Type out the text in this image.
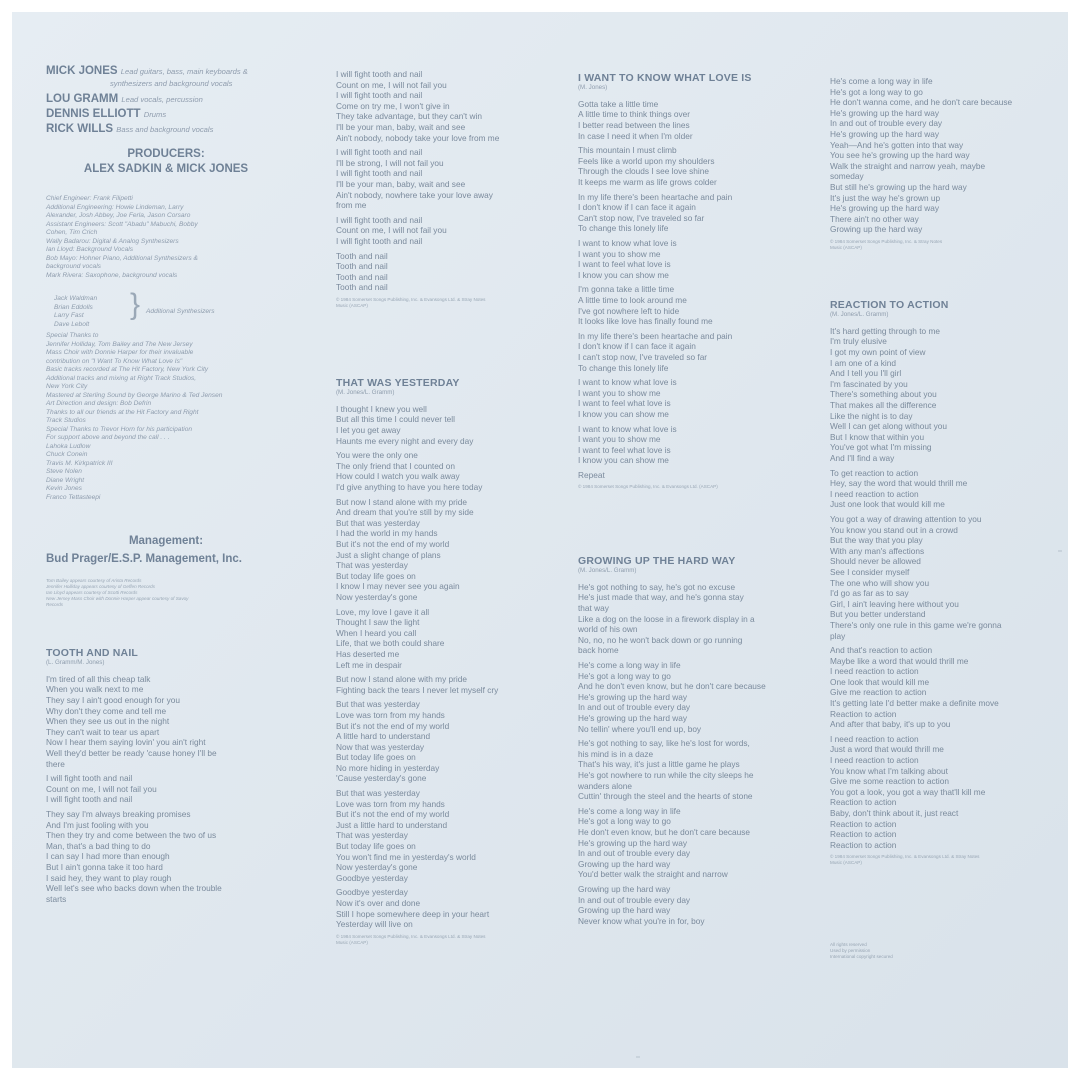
MICK JONES Lead guitars, bass, main keyboards &
synthesizers and background vocals
LOU GRAMM Lead vocals, percussion
DENNIS ELLIOTT Drums
RICK WILLS Bass and background vocals
PRODUCERS:
ALEX SADKIN & MICK JONES
Chief Engineer: Frank Filipetti
Additional Engineering: Howie Lindeman, Larry
Alexander, Josh Abbey, Joe Ferla, Jason Corsaro
Assistant Engineers: Scott "Abadu" Mabuchi, Bobby
Cohen, Tim Crich
Wally Badarou: Digital & Analog Synthesizers
Ian Lloyd: Background Vocals
Bob Mayo: Hohner Piano, Additional Synthesizers &
background vocals
Mark Rivera: Saxophone, background vocals
Jack Waldman
Brian Eddolls
Larry Fast
Dave Lebolt
} Additional Synthesizers
Special Thanks to
Jennifer Holliday, Tom Bailey and The New Jersey
Mass Choir with Donnie Harper for their invaluable
contribution on "I Want To Know What Love Is"
Basic tracks recorded at The Hit Factory, New York City
Additional tracks and mixing at Right Track Studios,
New York City
Mastered at Sterling Sound by George Marino & Ted Jensen
Art Direction and design: Bob Defrin
Thanks to all our friends at the Hit Factory and Right
Track Studios
Special Thanks to Trevor Horn for his participation
For support above and beyond the call . . .
Lahoka Ludlow
Chuck Conein
Travis M. Kirkpatrick III
Steve Nolen
Diane Wright
Kevin Jones
Franco Tettasteepi
Management:
Bud Prager/E.S.P. Management, Inc.
Tom Bailey appears courtesy of Arista Records
Jennifer Holliday appears courtesy of Geffen Records
Ian Lloyd appears courtesy of Scotti Records
New Jersey Mass Choir with Donnie Harper appear courtesy of Savoy
Records
TOOTH AND NAIL
(L. Gramm/M. Jones)
I'm tired of all this cheap talk
When you walk next to me
They say I ain't good enough for you
Why don't they come and tell me
When they see us out in the night
They can't wait to tear us apart
Now I hear them saying lovin' you ain't right
Well they'd better be ready 'cause honey I'll be
there
I will fight tooth and nail
Count on me, I will not fail you
I will fight tooth and nail
They say I'm always breaking promises
And I'm just fooling with you
Then they try and come between the two of us
Man, that's a bad thing to do
I can say I had more than enough
But I ain't gonna take it too hard
I said hey, they want to play rough
Well let's see who backs down when the trouble
starts
I will fight tooth and nail
Count on me, I will not fail you
I will fight tooth and nail
Come on try me, I won't give in
They take advantage, but they can't win
I'll be your man, baby, wait and see
Ain't nobody, nobody take your love from me
I will fight tooth and nail
I'll be strong, I will not fail you
I will fight tooth and nail
I'll be your man, baby, wait and see
Ain't nobody, nowhere take your love away
from me
I will fight tooth and nail
Count on me, I will not fail you
I will fight tooth and nail
Tooth and nail
Tooth and nail
Tooth and nail
Tooth and nail
© 1984 Somerset Songs Publishing, Inc. & Evansongs Ltd. & Stray Notes
Music (ASCAP)
THAT WAS YESTERDAY
(M. Jones/L. Gramm)
I thought I knew you well
But all this time I could never tell
I let you get away
Haunts me every night and every day
You were the only one
The only friend that I counted on
How could I watch you walk away
I'd give anything to have you here today
But now I stand alone with my pride
And dream that you're still by my side
But that was yesterday
I had the world in my hands
But it's not the end of my world
Just a slight change of plans
That was yesterday
But today life goes on
I know I may never see you again
Now yesterday's gone
Love, my love I gave it all
Thought I saw the light
When I heard you call
Life, that we both could share
Has deserted me
Left me in despair
But now I stand alone with my pride
Fighting back the tears I never let myself cry
But that was yesterday
Love was torn from my hands
But it's not the end of my world
A little hard to understand
Now that was yesterday
But today life goes on
No more hiding in yesterday
'Cause yesterday's gone
But that was yesterday
Love was torn from my hands
But it's not the end of my world
Just a little hard to understand
That was yesterday
But today life goes on
You won't find me in yesterday's world
Now yesterday's gone
Goodbye yesterday
Goodbye yesterday
Now it's over and done
Still I hope somewhere deep in your heart
Yesterday will live on
© 1984 Somerset Songs Publishing, Inc. & Evansongs Ltd. & Stray Notes
Music (ASCAP)
I WANT TO KNOW WHAT LOVE IS
(M. Jones)
Gotta take a little time
A little time to think things over
I better read between the lines
In case I need it when I'm older
This mountain I must climb
Feels like a world upon my shoulders
Through the clouds I see love shine
It keeps me warm as life grows colder
In my life there's been heartache and pain
I don't know if I can face it again
Can't stop now, I've traveled so far
To change this lonely life
I want to know what love is
I want you to show me
I want to feel what love is
I know you can show me
I'm gonna take a little time
A little time to look around me
I've got nowhere left to hide
It looks like love has finally found me
In my life there's been heartache and pain
I don't know if I can face it again
I can't stop now, I've traveled so far
To change this lonely life
I want to know what love is
I want you to show me
I want to feel what love is
I know you can show me
I want to know what love is
I want you to show me
I want to feel what love is
I know you can show me
Repeat
© 1984 Somerset Songs Publishing, Inc. & Evansongs Ltd. (ASCAP)
GROWING UP THE HARD WAY
(M. Jones/L. Gramm)
He's got nothing to say, he's got no excuse
He's just made that way, and he's gonna stay
that way
Like a dog on the loose in a firework display in a
world of his own
No, no, no he won't back down or go running
back home
He's come a long way in life
He's got a long way to go
And he don't even know, but he don't care because
He's growing up the hard way
In and out of trouble every day
He's growing up the hard way
No tellin' where you'll end up, boy
He's got nothing to say, like he's lost for words,
his mind is in a daze
That's his way, it's just a little game he plays
He's got nowhere to run while the city sleeps he
wanders alone
Cuttin' through the steel and the hearts of stone
He's come a long way in life
He's got a long way to go
He don't even know, but he don't care because
He's growing up the hard way
In and out of trouble every day
Growing up the hard way
You'd better walk the straight and narrow
Growing up the hard way
In and out of trouble every day
Growing up the hard way
Never know what you're in for, boy
He's come a long way in life
He's got a long way to go
He don't wanna come, and he don't care because
He's growing up the hard way
In and out of trouble every day
He's growing up the hard way
Yeah—And he's gotten into that way
You see he's growing up the hard way
Walk the straight and narrow yeah, maybe
someday
But still he's growing up the hard way
It's just the way he's grown up
He's growing up the hard way
There ain't no other way
Growing up the hard way
© 1984 Somerset Songs Publishing, Inc. & Stray Notes
Music (ASCAP)
REACTION TO ACTION
(M. Jones/L. Gramm)
It's hard getting through to me
I'm truly elusive
I got my own point of view
I am one of a kind
And I tell you I'll girl
I'm fascinated by you
There's something about you
That makes all the difference
Like the night is to day
Well I can get along without you
But I know that within you
You've got what I'm missing
And I'll find a way
To get reaction to action
Hey, say the word that would thrill me
I need reaction to action
Just one look that would kill me
You got a way of drawing attention to you
You know you stand out in a crowd
But the way that you play
With any man's affections
Should never be allowed
See I consider myself
The one who will show you
I'd go as far as to say
Girl, I ain't leaving here without you
But you better understand
There's only one rule in this game we're gonna
play
And that's reaction to action
Maybe like a word that would thrill me
I need reaction to action
One look that would kill me
Give me reaction to action
It's getting late I'd better make a definite move
Reaction to action
And after that baby, it's up to you
I need reaction to action
Just a word that would thrill me
I need reaction to action
You know what I'm talking about
Give me some reaction to action
You got a look, you got a way that'll kill me
Reaction to action
Baby, don't think about it, just react
Reaction to action
Reaction to action
Reaction to action
© 1984 Somerset Songs Publishing, Inc. & Evansongs Ltd. & Stray Notes
Music (ASCAP)
All rights reserved
Used by permission
International copyright secured
